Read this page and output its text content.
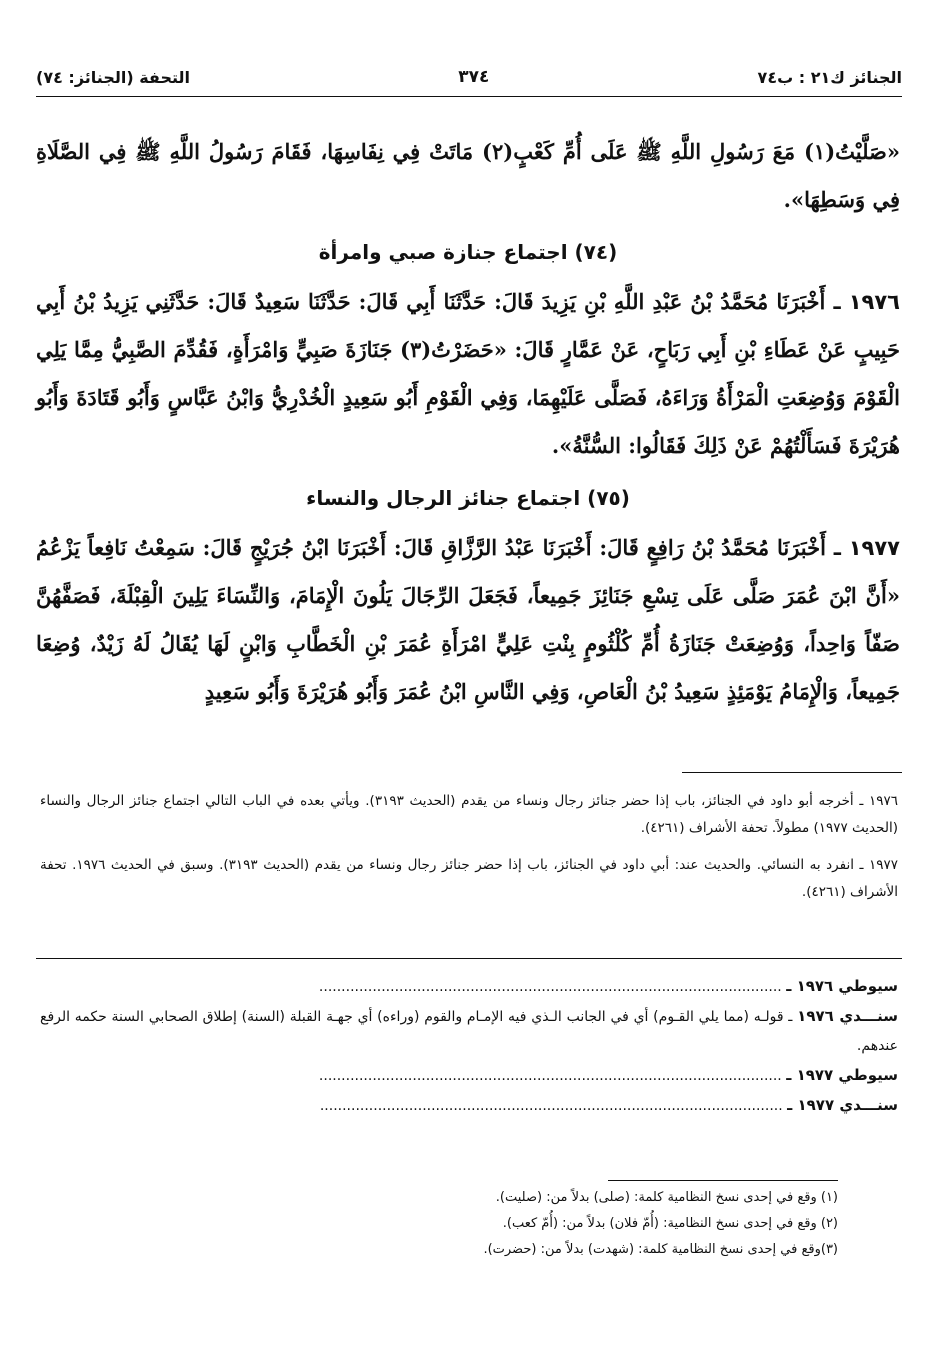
الجنائز ك٢١ : ب٧٤
٣٧٤
التحفة (الجنائز: ٧٤)

«صَلَّيْتُ(١) مَعَ رَسُولِ اللَّهِ ﷺ عَلَى أُمِّ كَعْبٍ(٢) مَاتَتْ فِي نِفَاسِهَا، فَقَامَ رَسُولُ اللَّهِ ﷺ فِي الصَّلَاةِ فِي وَسَطِهَا».

(٧٤) اجتماع جنازة صبي وامرأة

١٩٧٦ ـ أَخْبَرَنَا مُحَمَّدُ بْنُ عَبْدِ اللَّهِ بْنِ يَزِيدَ قَالَ: حَدَّثَنَا أَبِي قَالَ: حَدَّثَنَا سَعِيدٌ قَالَ: حَدَّثَنِي يَزِيدُ بْنُ أَبِي حَبِيبٍ عَنْ عَطَاءِ بْنِ أَبِي رَبَاحٍ، عَنْ عَمَّارٍ قَالَ: «حَضَرْتُ(٣) جَنَازَةَ صَبِيٍّ وَامْرَأَةٍ، فَقُدِّمَ الصَّبِيُّ مِمَّا يَلِي الْقَوْمَ وَوُضِعَتِ الْمَرْأَةُ وَرَاءَهُ، فَصَلَّى عَلَيْهِمَا، وَفِي الْقَوْمِ أَبُو سَعِيدٍ الْخُدْرِيُّ وَابْنُ عَبَّاسٍ وَأَبُو قَتَادَةَ وَأَبُو هُرَيْرَةَ فَسَأَلْتُهُمْ عَنْ ذَلِكَ فَقَالُوا: السُّنَّةُ».

(٧٥) اجتماع جنائز الرجال والنساء

١٩٧٧ ـ أَخْبَرَنَا مُحَمَّدُ بْنُ رَافِعٍ قَالَ: أَخْبَرَنَا عَبْدُ الرَّزَّاقِ قَالَ: أَخْبَرَنَا ابْنُ جُرَيْجٍ قَالَ: سَمِعْتُ نَافِعاً يَزْعُمُ «أَنَّ ابْنَ عُمَرَ صَلَّى عَلَى تِسْعِ جَنَائِزَ جَمِيعاً، فَجَعَلَ الرِّجَالَ يَلُونَ الْإِمَامَ، وَالنِّسَاءَ يَلِينَ الْقِبْلَةَ، فَصَفَّهُنَّ صَفّاً وَاحِداً، وَوُضِعَتْ جَنَازَةُ أُمِّ كُلْثُومٍ بِنْتِ عَلِيٍّ امْرَأَةِ عُمَرَ بْنِ الْخَطَّابِ وَابْنٍ لَهَا يُقَالُ لَهُ زَيْدٌ، وُضِعَا جَمِيعاً، وَالْإِمَامُ يَوْمَئِذٍ سَعِيدُ بْنُ الْعَاصِ، وَفِي النَّاسِ ابْنُ عُمَرَ وَأَبُو هُرَيْرَةَ وَأَبُو سَعِيدٍ

١٩٧٦ ـ أخرجه أبو داود في الجنائز، باب إذا حضر جنائز رجال ونساء من يقدم (الحديث ٣١٩٣). ويأتي بعده في الباب التالي اجتماع جنائز الرجال والنساء (الحديث ١٩٧٧) مطولاً. تحفة الأشراف (٤٢٦١).

١٩٧٧ ـ انفرد به النسائي. والحديث عند: أبي داود في الجنائز، باب إذا حضر جنائز رجال ونساء من يقدم (الحديث ٣١٩٣). وسبق في الحديث ١٩٧٦. تحفة الأشراف (٤٢٦١).

سيوطي ١٩٧٦ ـ ........................................................................................................

سنـــدي ١٩٧٦ ـ قولـه (مما يلي القـوم) أي في الجانب الـذي فيه الإمـام والقوم (وراءه) أي جهـة القبلة (السنة) إطلاق الصحابي السنة حكمه الرفع عندهم.

سيوطي ١٩٧٧ ـ ........................................................................................................

سنـــدي ١٩٧٧ ـ ........................................................................................................

(١) وقع في إحدى نسخ النظامية كلمة: (صلى) بدلاً من: (صليت).

(٢) وقع في إحدى نسخ النظامية: (أُمّ فلان) بدلاً من: (أُمّ كعب).

(٣)وقع في إحدى نسخ النظامية كلمة: (شهدت) بدلاً من: (حضرت).
